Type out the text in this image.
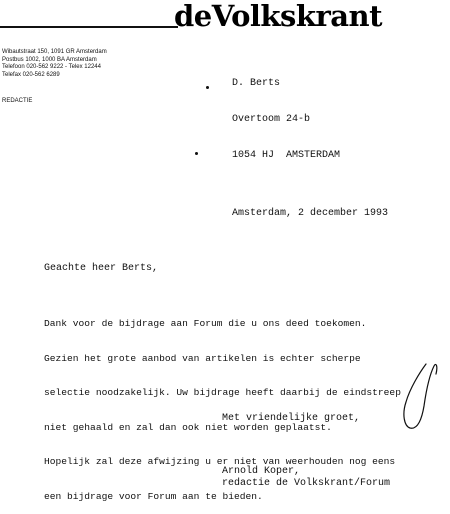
deVolkskrant
Wibautstraat 150, 1091 GR Amsterdam
Postbus 1002, 1000 BA Amsterdam
Telefoon 020-562 9222 - Telex 12244
Telefax 020-562 6289
REDACTIE

D. Berts

Overtoom 24-b

1054 HJ  AMSTERDAM

Amsterdam, 2 december 1993
Geachte heer Berts,

Dank voor de bijdrage aan Forum die u ons deed toekomen.

Gezien het grote aanbod van artikelen is echter scherpe

selectie noodzakelijk. Uw bijdrage heeft daarbij de eindstreep

niet gehaald en zal dan ook niet worden geplaatst.

Hopelijk zal deze afwijzing u er niet van weerhouden nog eens

een bijdrage voor Forum aan te bieden.

Met vriendelijke groet,
Arnold Koper,
redactie de Volkskrant/Forum
